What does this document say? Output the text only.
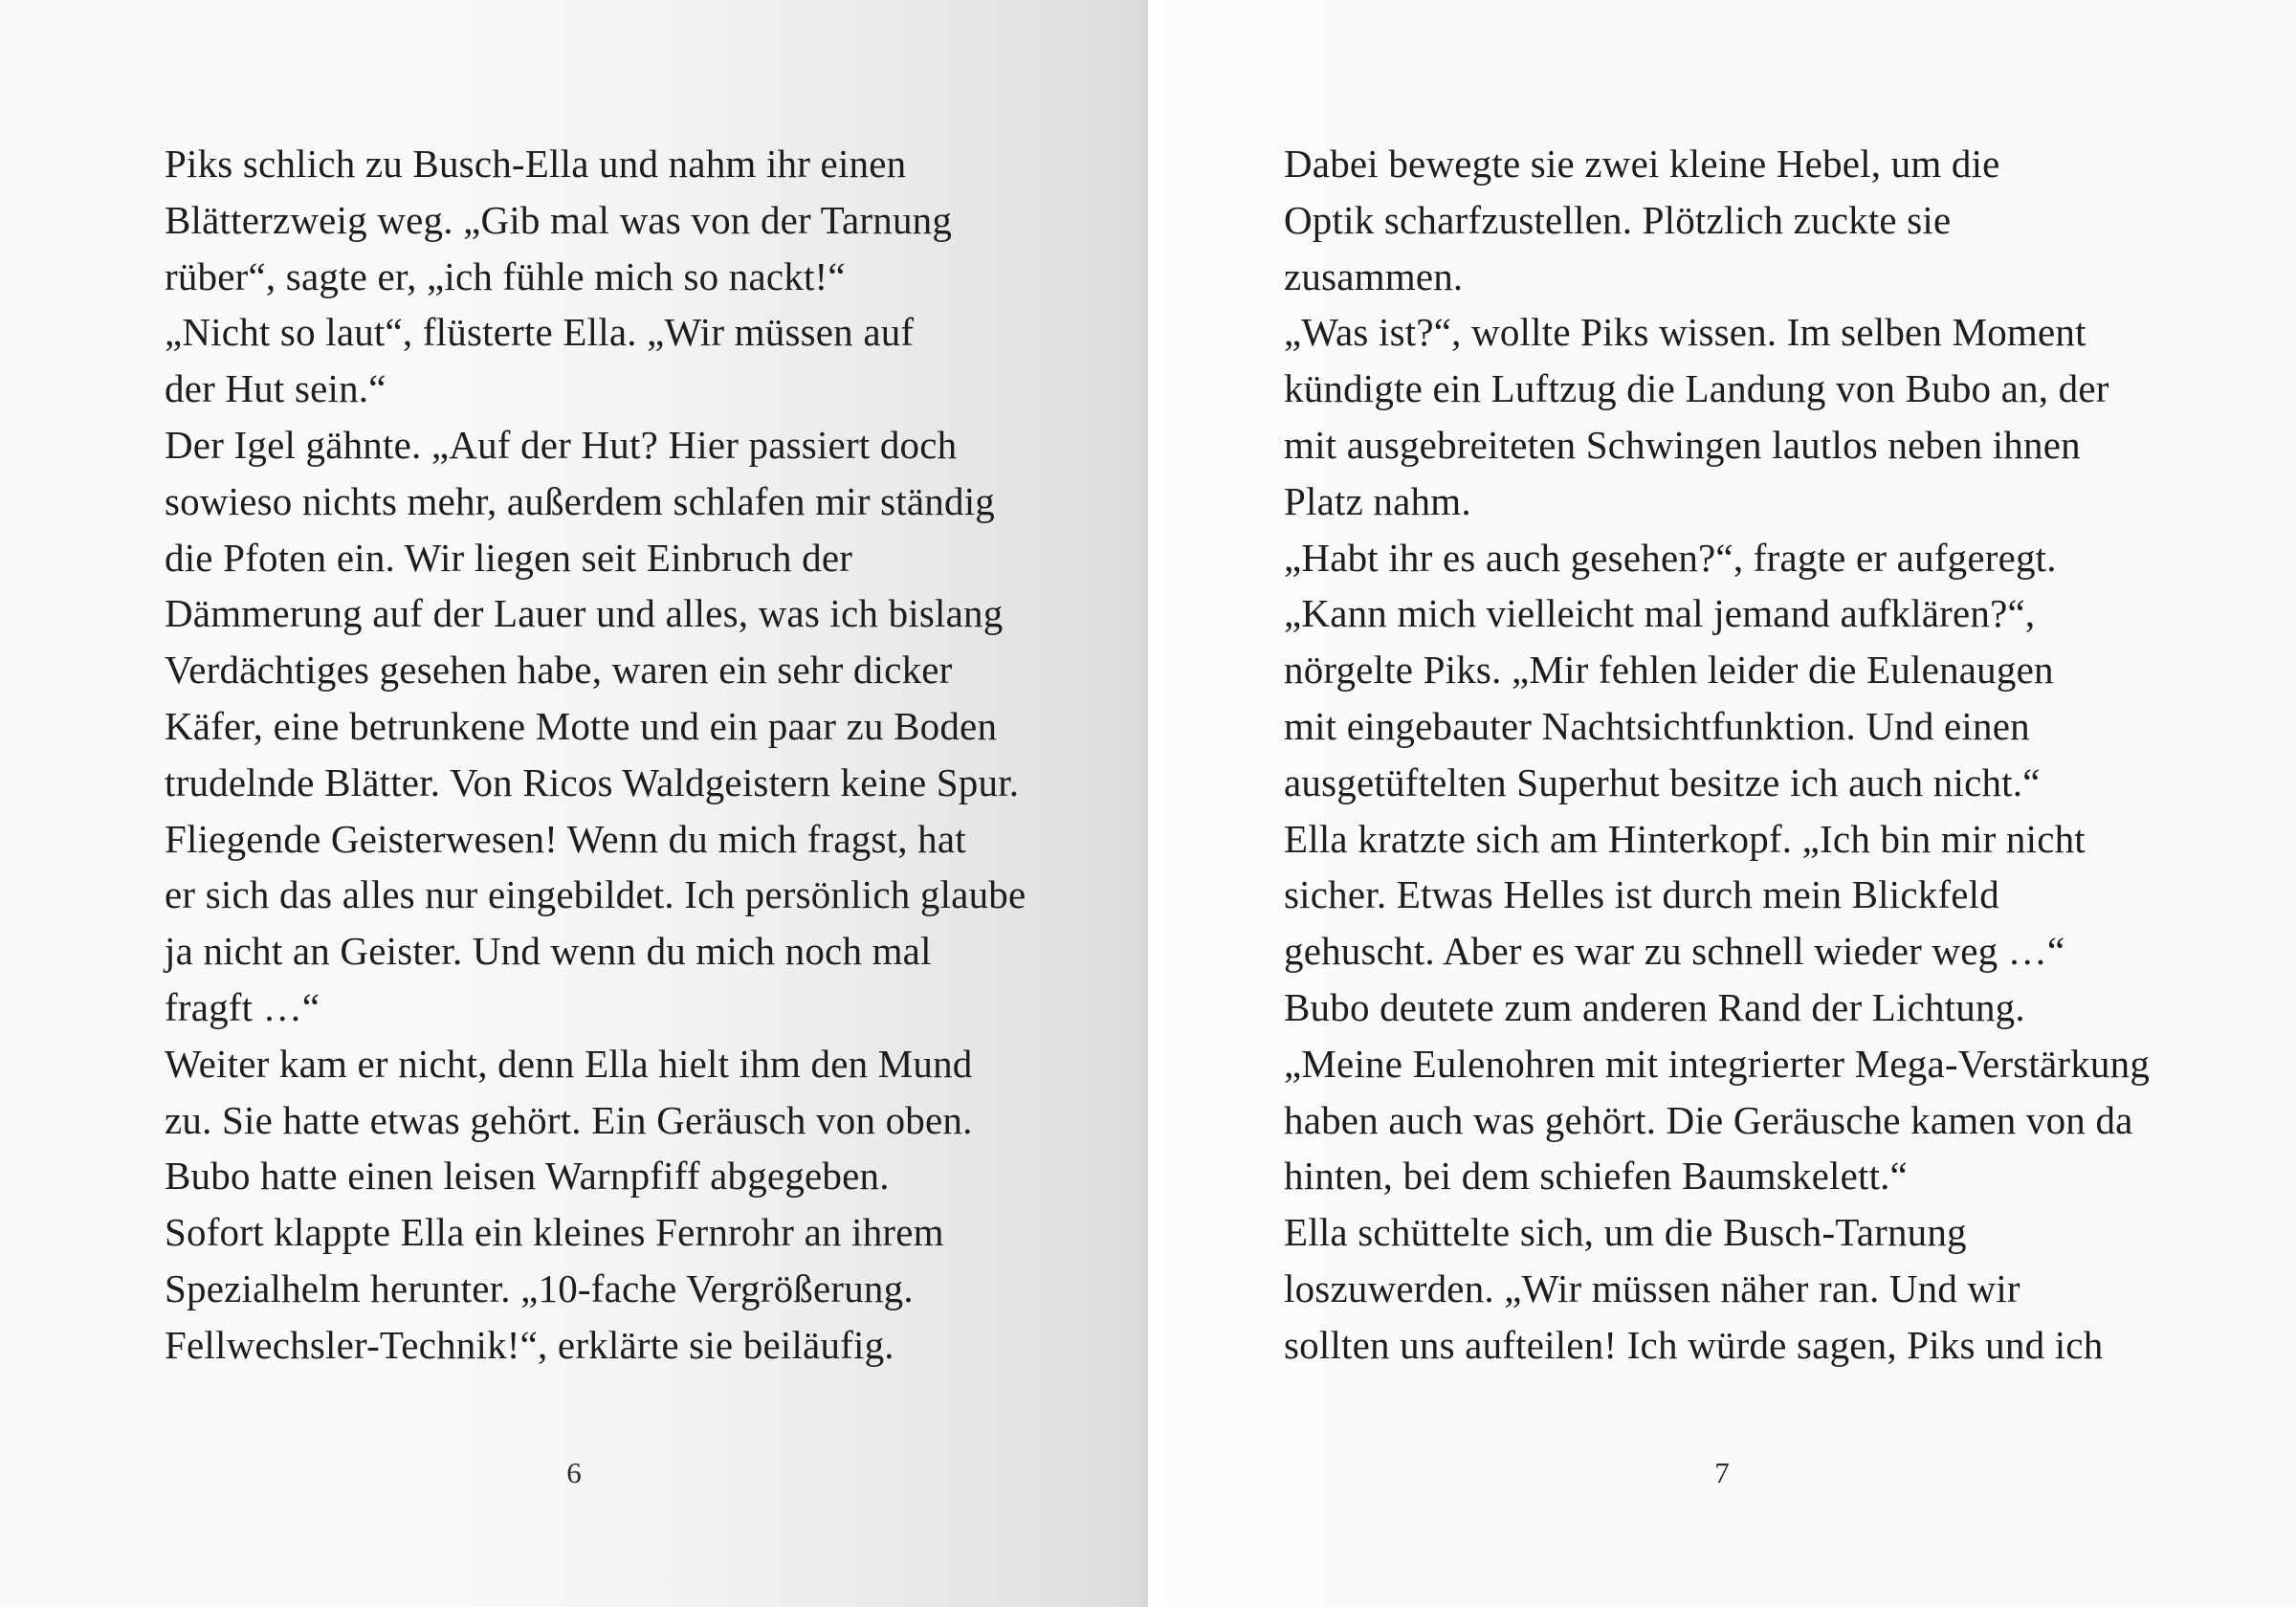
Piks schlich zu Busch-Ella und nahm ihr einen
Blätterzweig weg. „Gib mal was von der Tarnung
rüber“, sagte er, „ich fühle mich so nackt!“
„Nicht so laut“, flüsterte Ella. „Wir müssen auf
der Hut sein.“
Der Igel gähnte. „Auf der Hut? Hier passiert doch
sowieso nichts mehr, außerdem schlafen mir ständig
die Pfoten ein. Wir liegen seit Einbruch der
Dämmerung auf der Lauer und alles, was ich bislang
Verdächtiges gesehen habe, waren ein sehr dicker
Käfer, eine betrunkene Motte und ein paar zu Boden
trudelnde Blätter. Von Ricos Waldgeistern keine Spur.
Fliegende Geisterwesen! Wenn du mich fragst, hat
er sich das alles nur eingebildet. Ich persönlich glaube
ja nicht an Geister. Und wenn du mich noch mal
fragft …“
Weiter kam er nicht, denn Ella hielt ihm den Mund
zu. Sie hatte etwas gehört. Ein Geräusch von oben.
Bubo hatte einen leisen Warnpfiff abgegeben.
Sofort klappte Ella ein kleines Fernrohr an ihrem
Spezialhelm herunter. „10-fache Vergrößerung.
Fellwechsler-Technik!“, erklärte sie beiläufig.
6
Dabei bewegte sie zwei kleine Hebel, um die
Optik scharfzustellen. Plötzlich zuckte sie
zusammen.
„Was ist?“, wollte Piks wissen. Im selben Moment
kündigte ein Luftzug die Landung von Bubo an, der
mit ausgebreiteten Schwingen lautlos neben ihnen
Platz nahm.
„Habt ihr es auch gesehen?“, fragte er aufgeregt.
„Kann mich vielleicht mal jemand aufklären?“,
nörgelte Piks. „Mir fehlen leider die Eulenaugen
mit eingebauter Nachtsichtfunktion. Und einen
ausgetüftelten Superhut besitze ich auch nicht.“
Ella kratzte sich am Hinterkopf. „Ich bin mir nicht
sicher. Etwas Helles ist durch mein Blickfeld
gehuscht. Aber es war zu schnell wieder weg …“
Bubo deutete zum anderen Rand der Lichtung.
„Meine Eulenohren mit integrierter Mega-Verstärkung
haben auch was gehört. Die Geräusche kamen von da
hinten, bei dem schiefen Baumskelett.“
Ella schüttelte sich, um die Busch-Tarnung
loszuwerden. „Wir müssen näher ran. Und wir
sollten uns aufteilen! Ich würde sagen, Piks und ich
7
